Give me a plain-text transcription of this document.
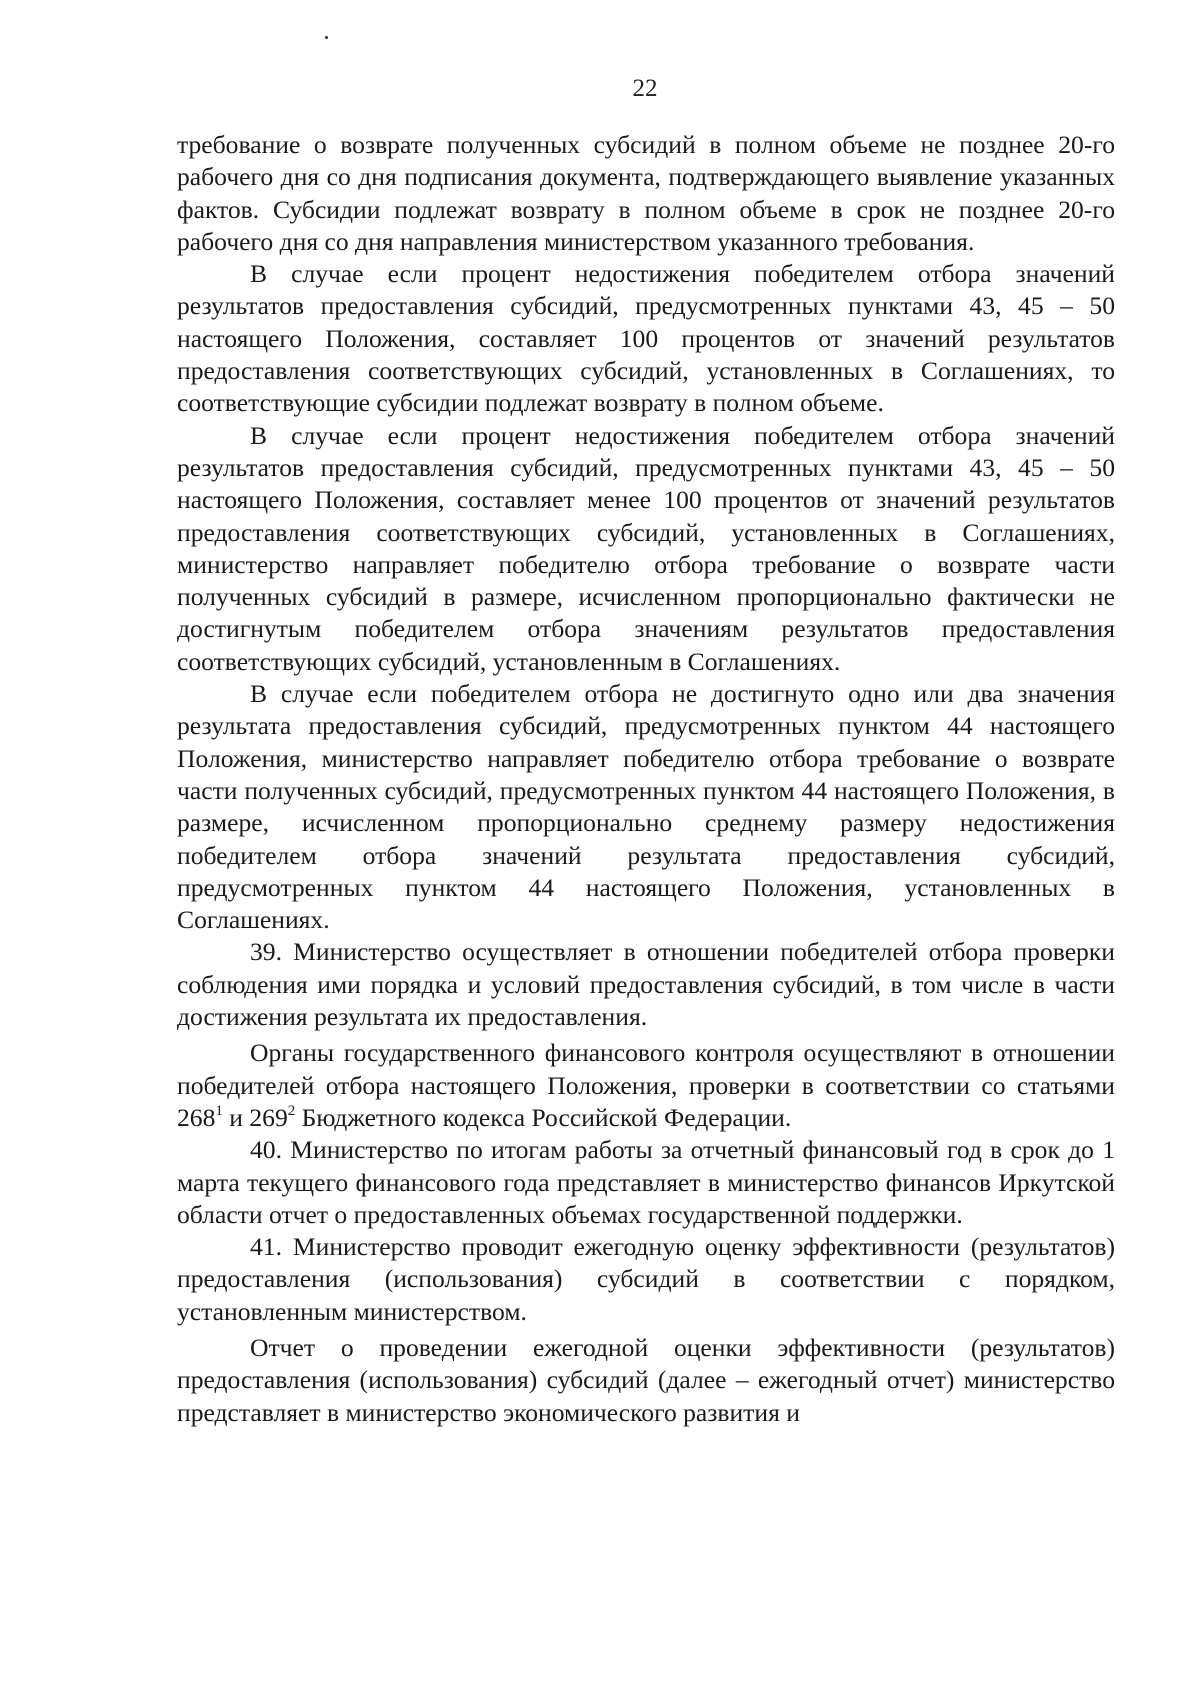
22

требование о возврате полученных субсидий в полном объеме не позднее 20-го рабочего дня со дня подписания документа, подтверждающего выявление указанных фактов. Субсидии подлежат возврату в полном объеме в срок не позднее 20-го рабочего дня со дня направления министерством указанного требования.

В случае если процент недостижения победителем отбора значений результатов предоставления субсидий, предусмотренных пунктами 43, 45 – 50 настоящего Положения, составляет 100 процентов от значений результатов предоставления соответствующих субсидий, установленных в Соглашениях, то соответствующие субсидии подлежат возврату в полном объеме.

В случае если процент недостижения победителем отбора значений результатов предоставления субсидий, предусмотренных пунктами 43, 45 – 50 настоящего Положения, составляет менее 100 процентов от значений результатов предоставления соответствующих субсидий, установленных в Соглашениях, министерство направляет победителю отбора требование о возврате части полученных субсидий в размере, исчисленном пропорционально фактически не достигнутым победителем отбора значениям результатов предоставления соответствующих субсидий, установленным в Соглашениях.

В случае если победителем отбора не достигнуто одно или два значения результата предоставления субсидий, предусмотренных пунктом 44 настоящего Положения, министерство направляет победителю отбора требование о возврате части полученных субсидий, предусмотренных пунктом 44 настоящего Положения, в размере, исчисленном пропорционально среднему размеру недостижения победителем отбора значений результата предоставления субсидий, предусмотренных пунктом 44 настоящего Положения, установленных в Соглашениях.

39. Министерство осуществляет в отношении победителей отбора проверки соблюдения ими порядка и условий предоставления субсидий, в том числе в части достижения результата их предоставления.

Органы государственного финансового контроля осуществляют в отношении победителей отбора настоящего Положения, проверки в соответствии со статьями $268^1$ и $269^2$ Бюджетного кодекса Российской Федерации.

40. Министерство по итогам работы за отчетный финансовый год в срок до 1 марта текущего финансового года представляет в министерство финансов Иркутской области отчет о предоставленных объемах государственной поддержки.

41. Министерство проводит ежегодную оценку эффективности (результатов) предоставления (использования) субсидий в соответствии с порядком, установленным министерством.

Отчет о проведении ежегодной оценки эффективности (результатов) предоставления (использования) субсидий (далее – ежегодный отчет) министерство представляет в министерство экономического развития и
